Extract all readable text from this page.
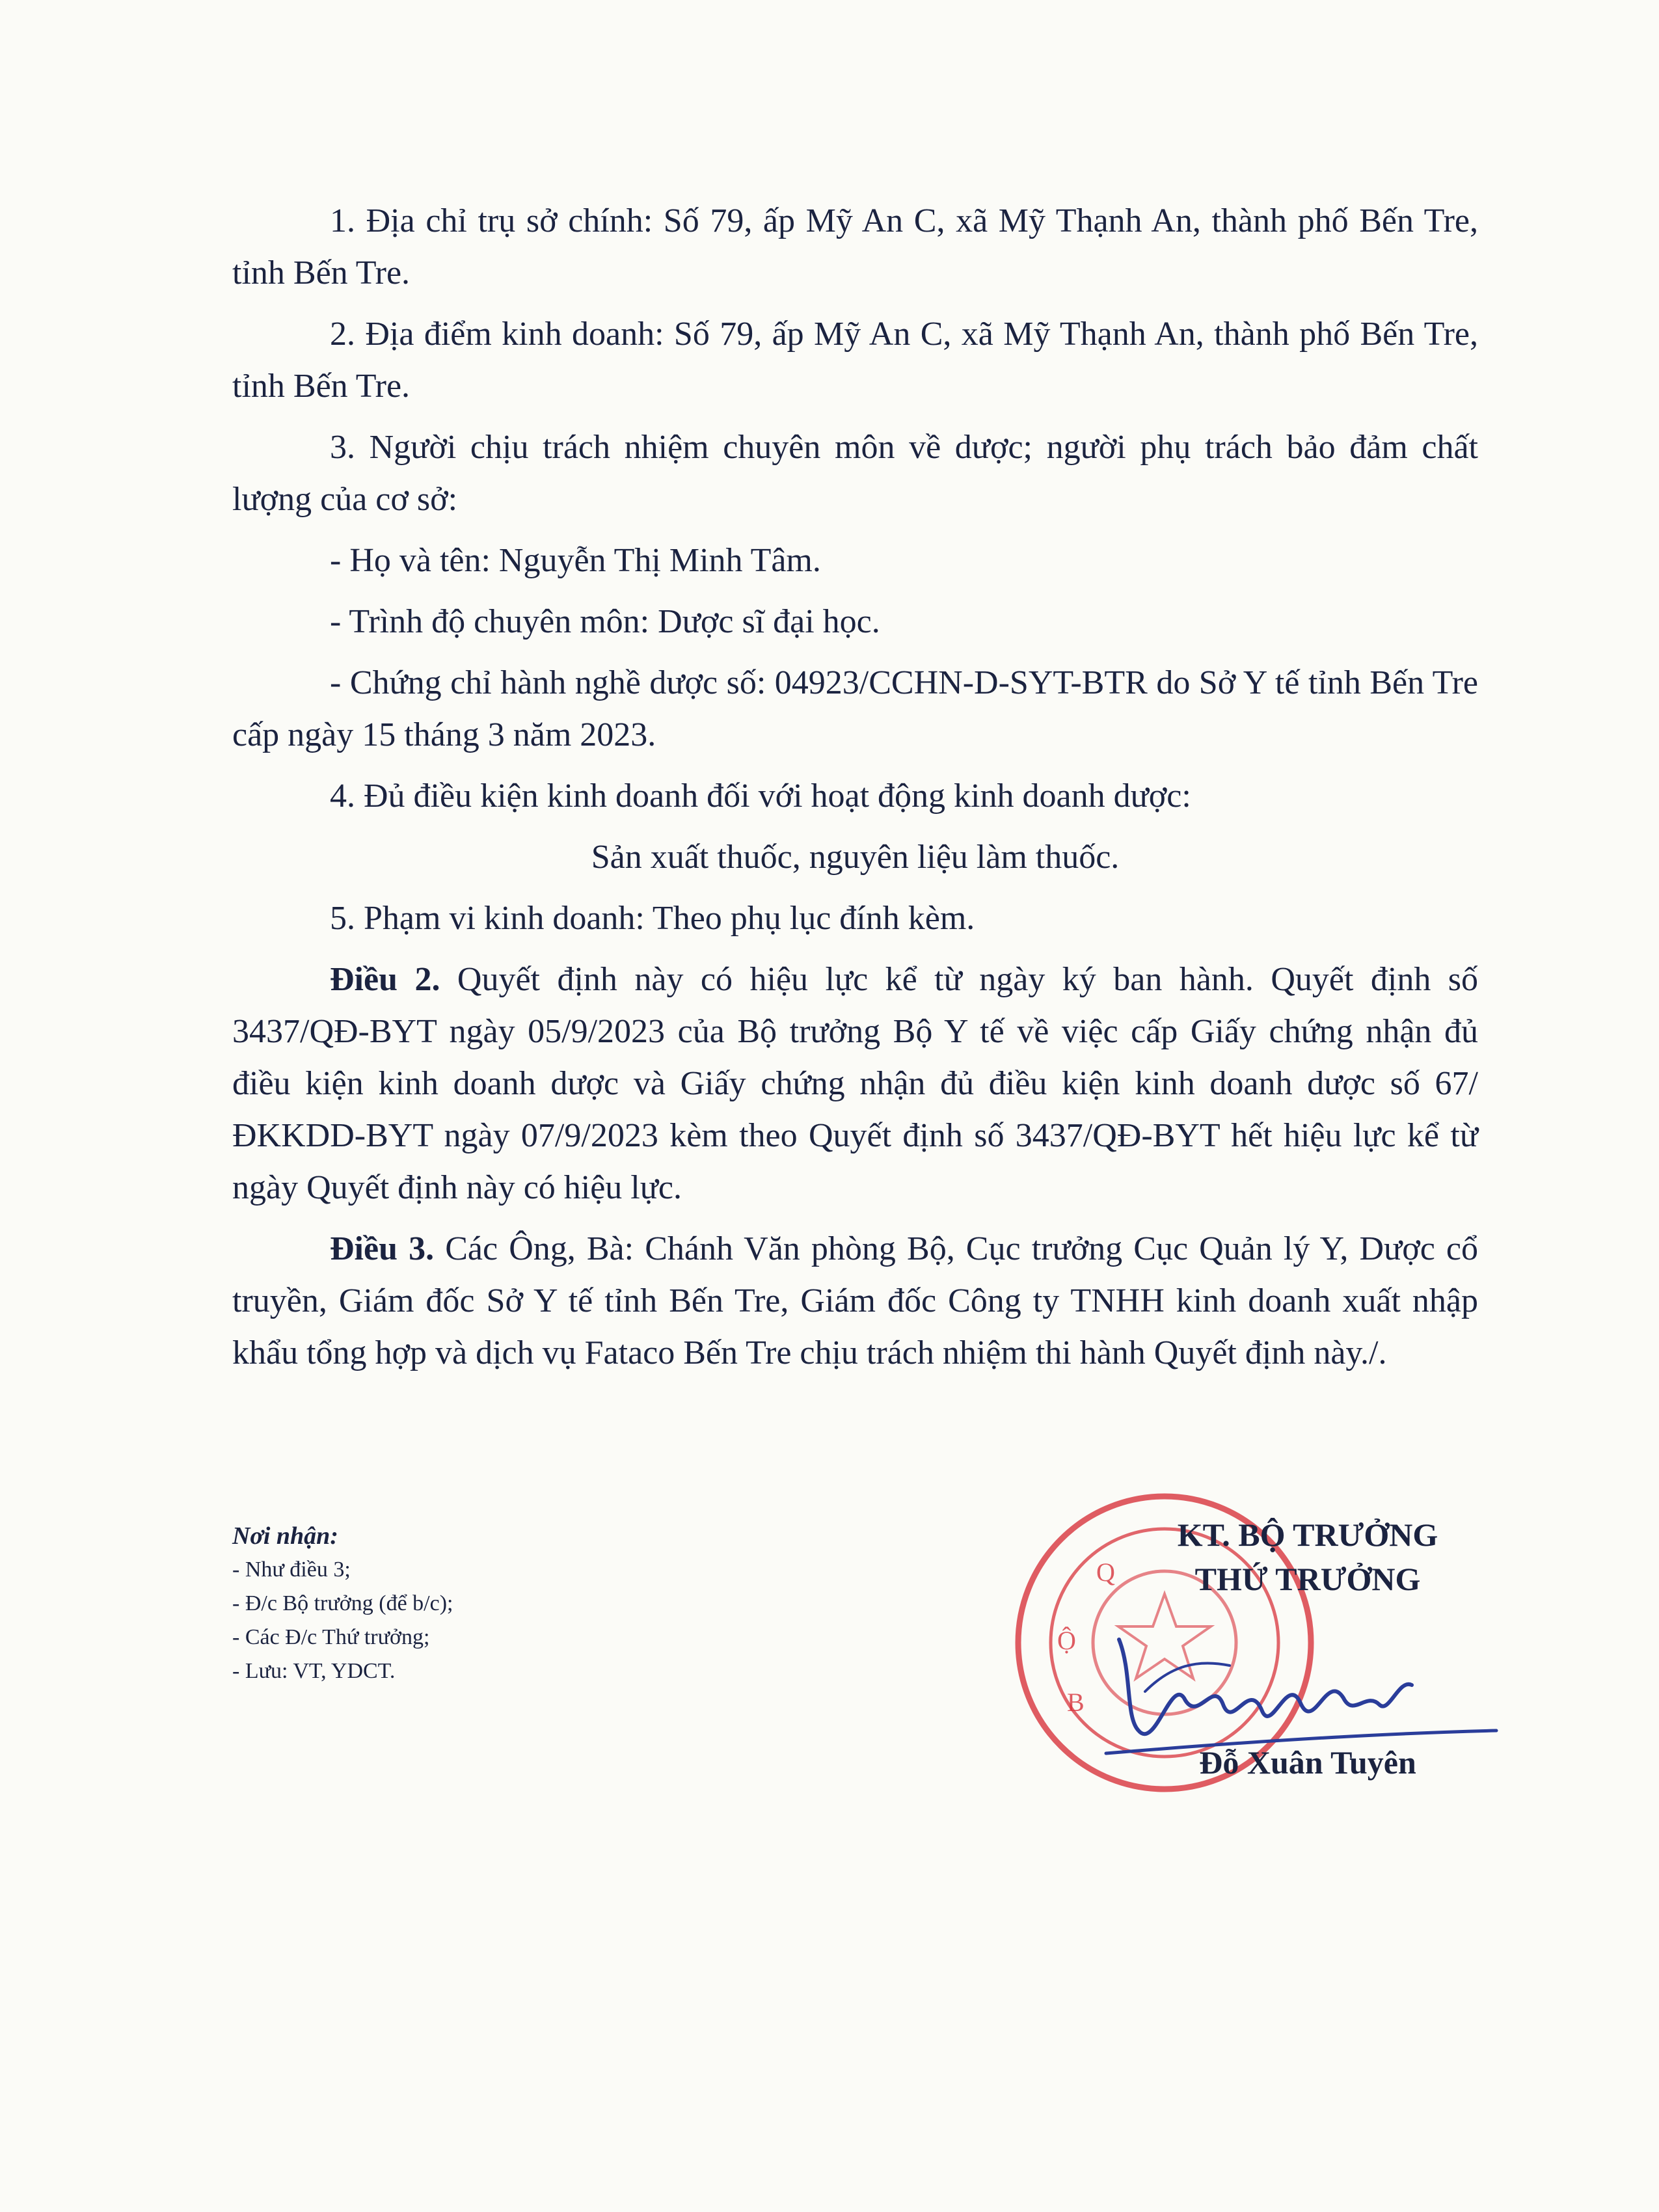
1. Địa chỉ trụ sở chính: Số 79, ấp Mỹ An C, xã Mỹ Thạnh An, thành phố Bến Tre, tỉnh Bến Tre.

2. Địa điểm kinh doanh: Số 79, ấp Mỹ An C, xã Mỹ Thạnh An, thành phố Bến Tre, tỉnh Bến Tre.

3. Người chịu trách nhiệm chuyên môn về dược; người phụ trách bảo đảm chất lượng của cơ sở:

- Họ và tên: Nguyễn Thị Minh Tâm.

- Trình độ chuyên môn: Dược sĩ đại học.

- Chứng chỉ hành nghề dược số: 04923/CCHN-D-SYT-BTR do Sở Y tế tỉnh Bến Tre cấp ngày 15 tháng 3 năm 2023.

4. Đủ điều kiện kinh doanh đối với hoạt động kinh doanh dược:

Sản xuất thuốc, nguyên liệu làm thuốc.

5. Phạm vi kinh doanh: Theo phụ lục đính kèm.

Điều 2. Quyết định này có hiệu lực kể từ ngày ký ban hành. Quyết định số 3437/QĐ-BYT ngày 05/9/2023 của Bộ trưởng Bộ Y tế về việc cấp Giấy chứng nhận đủ điều kiện kinh doanh dược và Giấy chứng nhận đủ điều kiện kinh doanh dược số 67/ĐKKDD-BYT ngày 07/9/2023 kèm theo Quyết định số 3437/QĐ-BYT hết hiệu lực kể từ ngày Quyết định này có hiệu lực.

Điều 3. Các Ông, Bà: Chánh Văn phòng Bộ, Cục trưởng Cục Quản lý Y, Dược cổ truyền, Giám đốc Sở Y tế tỉnh Bến Tre, Giám đốc Công ty TNHH kinh doanh xuất nhập khẩu tổng hợp và dịch vụ Fataco Bến Tre chịu trách nhiệm thi hành Quyết định này./.

Nơi nhận:
- Như điều 3;
- Đ/c Bộ trưởng (để b/c);
- Các Đ/c Thứ trưởng;
- Lưu: VT, YDCT.
Ộ
Q
B
KT. BỘ TRƯỞNG
THỨ TRƯỞNG
Đỗ Xuân Tuyên
